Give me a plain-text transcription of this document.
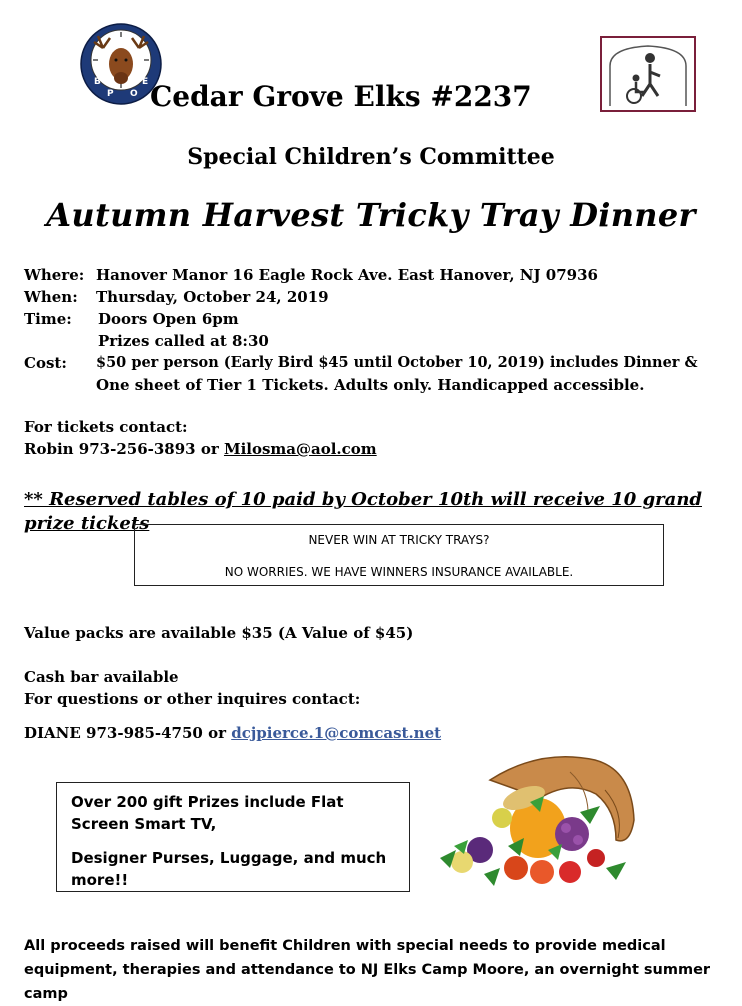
B
P O
E Cedar Grove Elks #2237
Special Children’s Committee
Autumn Harvest Tricky Tray Dinner
Where: Hanover Manor 16 Eagle Rock Ave. East Hanover, NJ 07936
When: Thursday, October 24, 2019
Time: Doors Open 6pm
Prizes called at 8:30
Cost: $50 per person (Early Bird $45 until October 10, 2019) includes Dinner &
One sheet of Tier 1 Tickets. Adults only. Handicapped accessible.
For tickets contact:
Robin 973-256-3893 or Milosma@aol.com
** Reserved tables of 10 paid by October 10th will receive 10 grand prize tickets
NEVER WIN AT TRICKY TRAYS?
NO WORRIES. WE HAVE WINNERS INSURANCE AVAILABLE.
Value packs are available $35 (A Value of $45)
Cash bar available
For questions or other inquires contact:
DIANE 973-985-4750 or dcjpierce.1@comcast.net
Over 200 gift Prizes include Flat Screen Smart TV,
Designer Purses, Luggage, and much more!!
All proceeds raised will benefit Children with special needs to provide medical equipment, therapies and attendance to NJ Elks Camp Moore, an overnight summer camp
